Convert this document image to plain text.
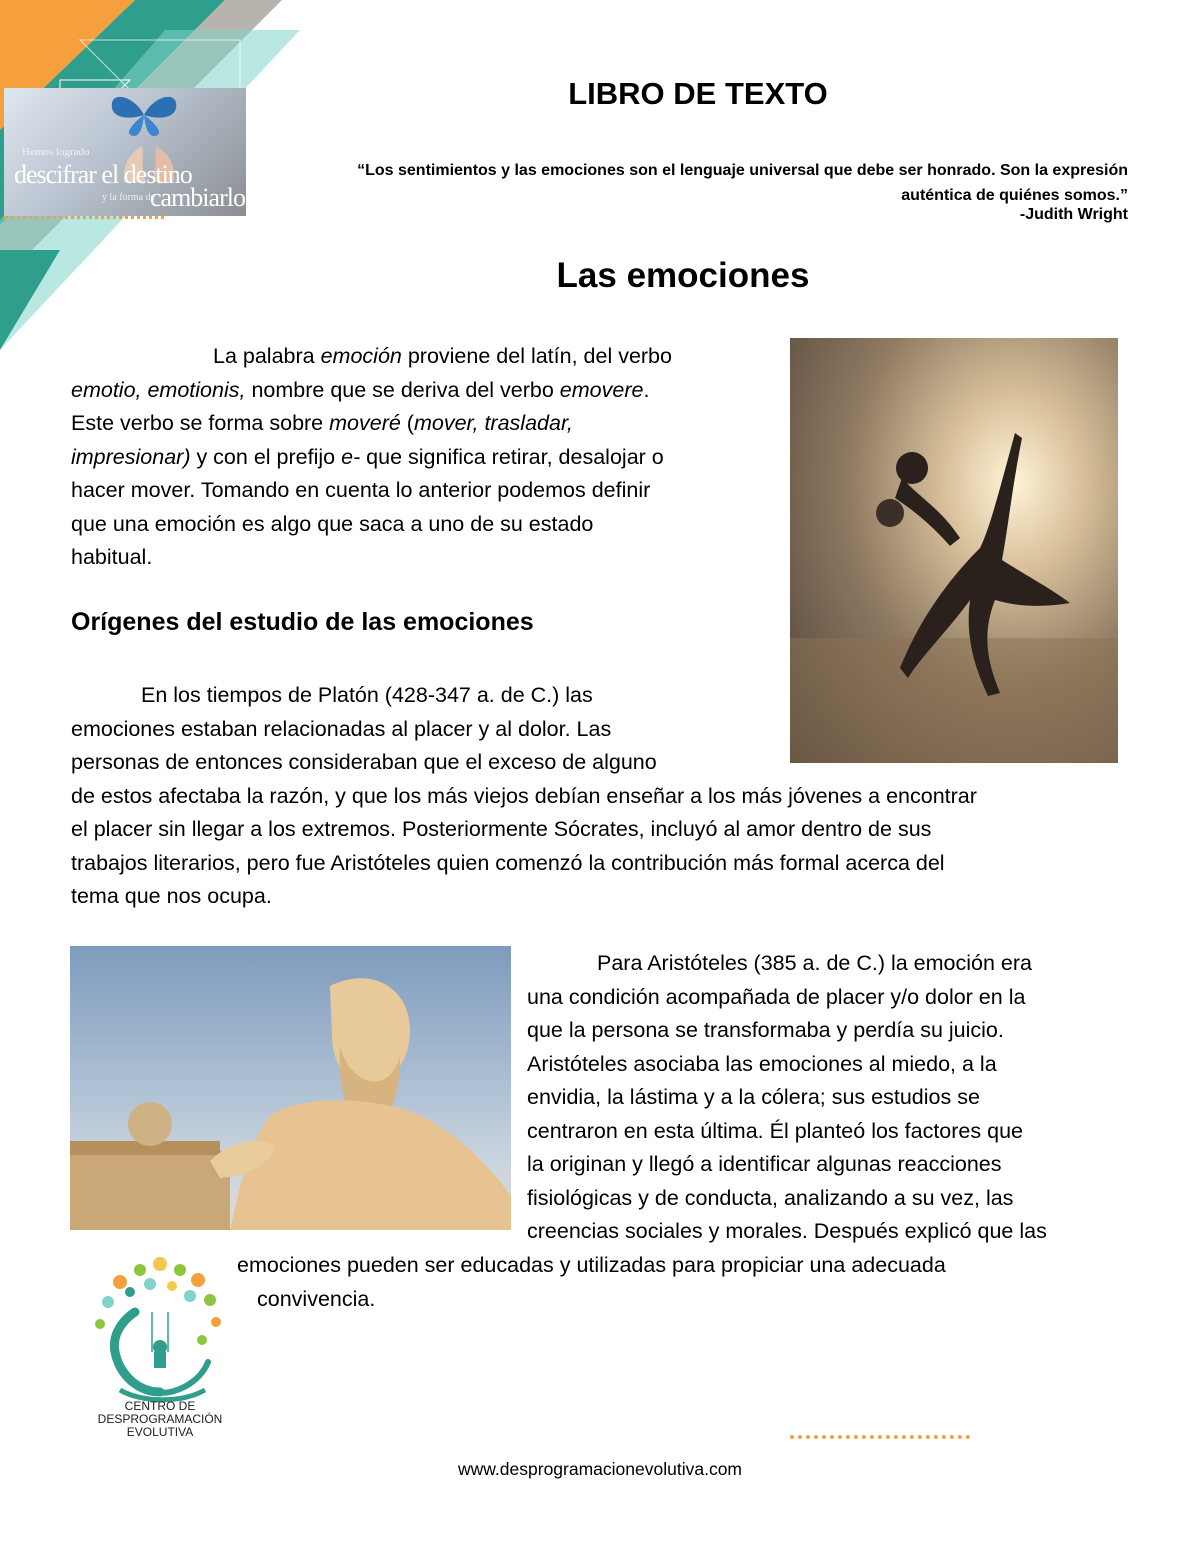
Hemos logrado
descifrar el destino
y la forma de
cambiarlo
LIBRO DE TEXTO
“Los sentimientos y las emociones son el lenguaje universal que debe ser honrado. Son la expresión
auténtica de quiénes somos.”
-Judith Wright
Las emociones
La palabra emoción proviene del latín, del verbo
emotio, emotionis, nombre que se deriva del verbo emovere.
Este verbo se forma sobre moveré (mover, trasladar,
impresionar) y con el prefijo e- que significa retirar, desalojar o
hacer mover. Tomando en cuenta lo anterior podemos definir
que una emoción es algo que saca a uno de su estado
habitual.
Orígenes del estudio de las emociones
En los tiempos de Platón (428-347 a. de C.) las
emociones estaban relacionadas al placer y al dolor. Las
personas de entonces consideraban que el exceso de alguno
de estos afectaba la razón, y que los más viejos debían enseñar a los más jóvenes a encontrar
el placer sin llegar a los extremos. Posteriormente Sócrates, incluyó al amor dentro de sus
trabajos literarios, pero fue Aristóteles quien comenzó la contribución más formal acerca del
tema que nos ocupa.
Para Aristóteles (385 a. de C.) la emoción era
una condición acompañada de placer y/o dolor en la
que la persona se transformaba y perdía su juicio.
Aristóteles asociaba las emociones al miedo, a la
envidia, la lástima y a la cólera; sus estudios se
centraron en esta última. Él planteó los factores que
la originan y llegó a identificar algunas reacciones
fisiológicas y de conducta, analizando a su vez, las
creencias sociales y morales. Después explicó que las
emociones pueden ser educadas y utilizadas para propiciar una adecuada
convivencia.
CENTRO DE
DESPROGRAMACIÓN
EVOLUTIVA
www.desprogramacionevolutiva.com
